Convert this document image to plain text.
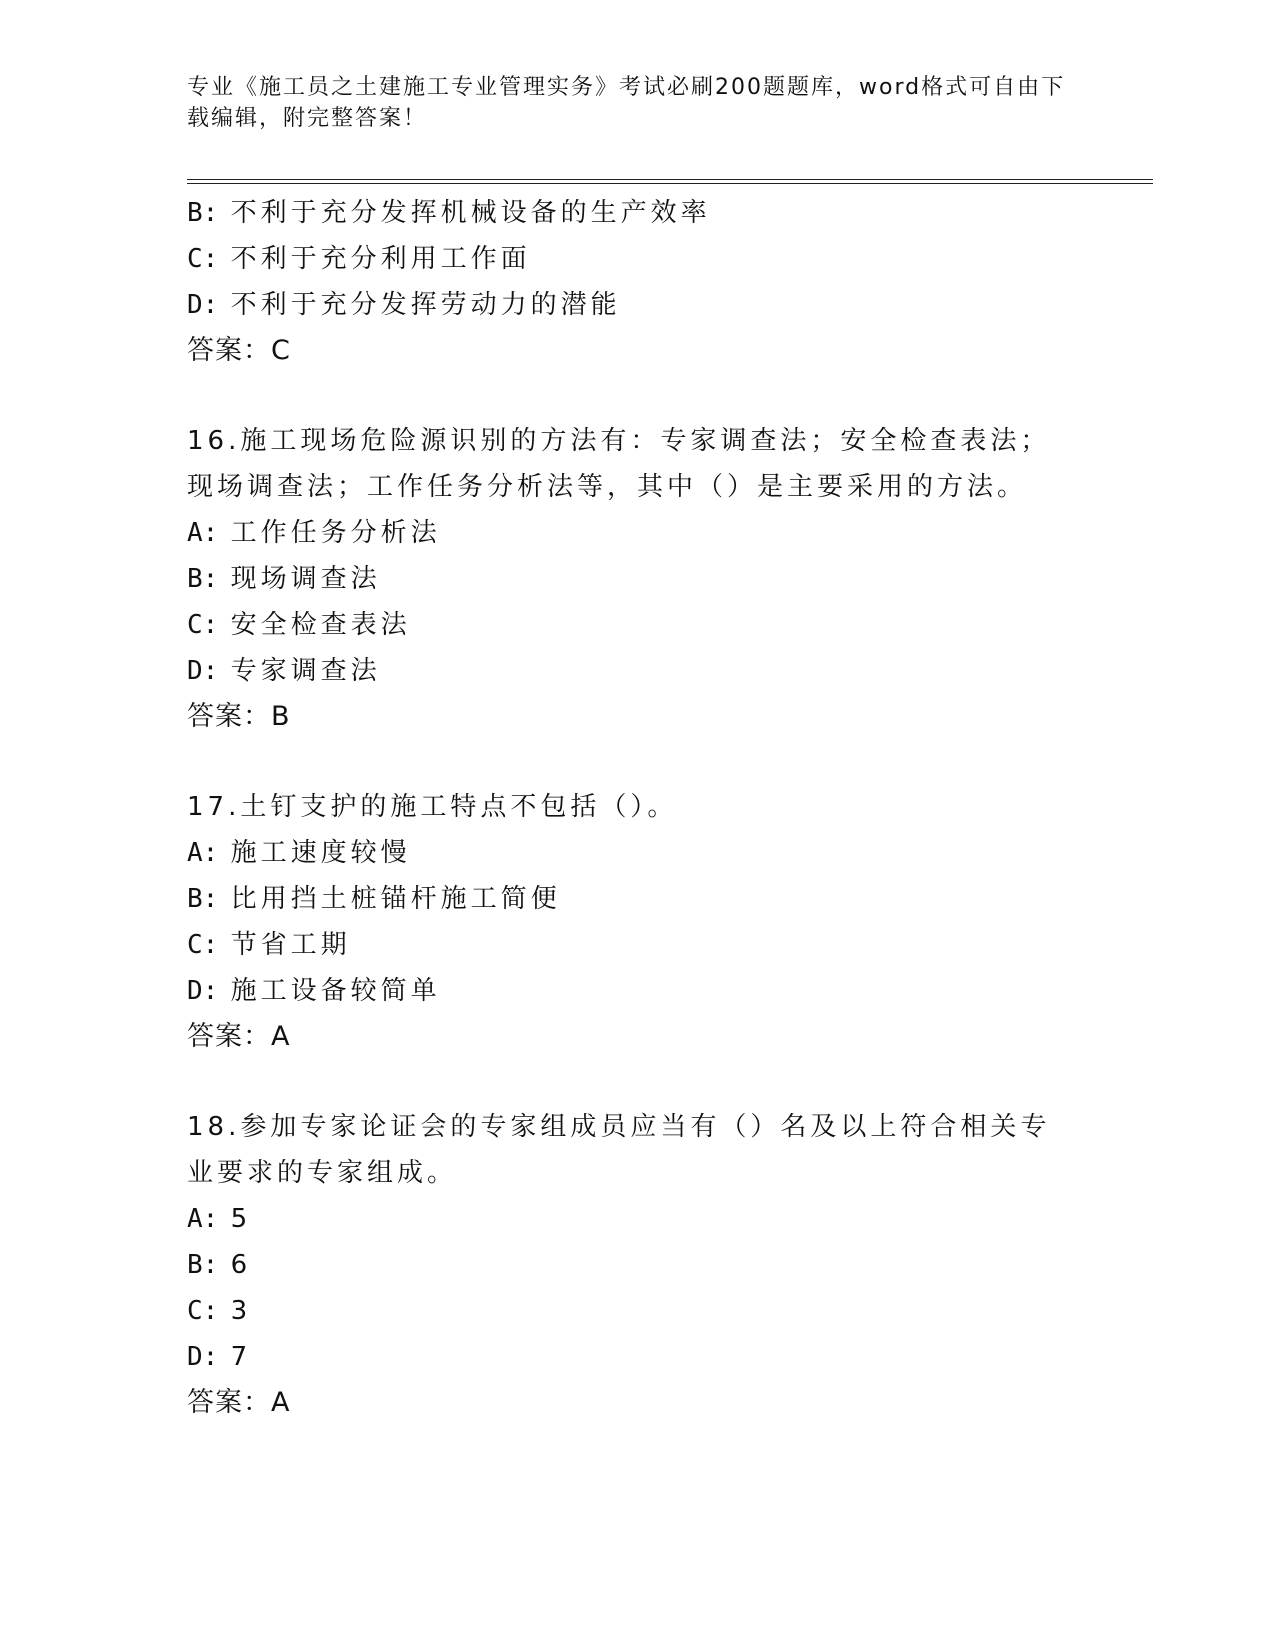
专业《施工员之土建施工专业管理实务》考试必刷200题题库，word格式可自由下载编辑，附完整答案！
B: 不利于充分发挥机械设备的生产效率
C: 不利于充分利用工作面
D: 不利于充分发挥劳动力的潜能
答案：C
16.施工现场危险源识别的方法有：专家调查法；安全检查表法；现场调查法；工作任务分析法等，其中（）是主要采用的方法。
A: 工作任务分析法
B: 现场调查法
C: 安全检查表法
D: 专家调查法
答案：B
17.土钉支护的施工特点不包括（）。
A: 施工速度较慢
B: 比用挡土桩锚杆施工简便
C: 节省工期
D: 施工设备较简单
答案：A
18.参加专家论证会的专家组成员应当有（）名及以上符合相关专业要求的专家组成。
A: 5
B: 6
C: 3
D: 7
答案：A
